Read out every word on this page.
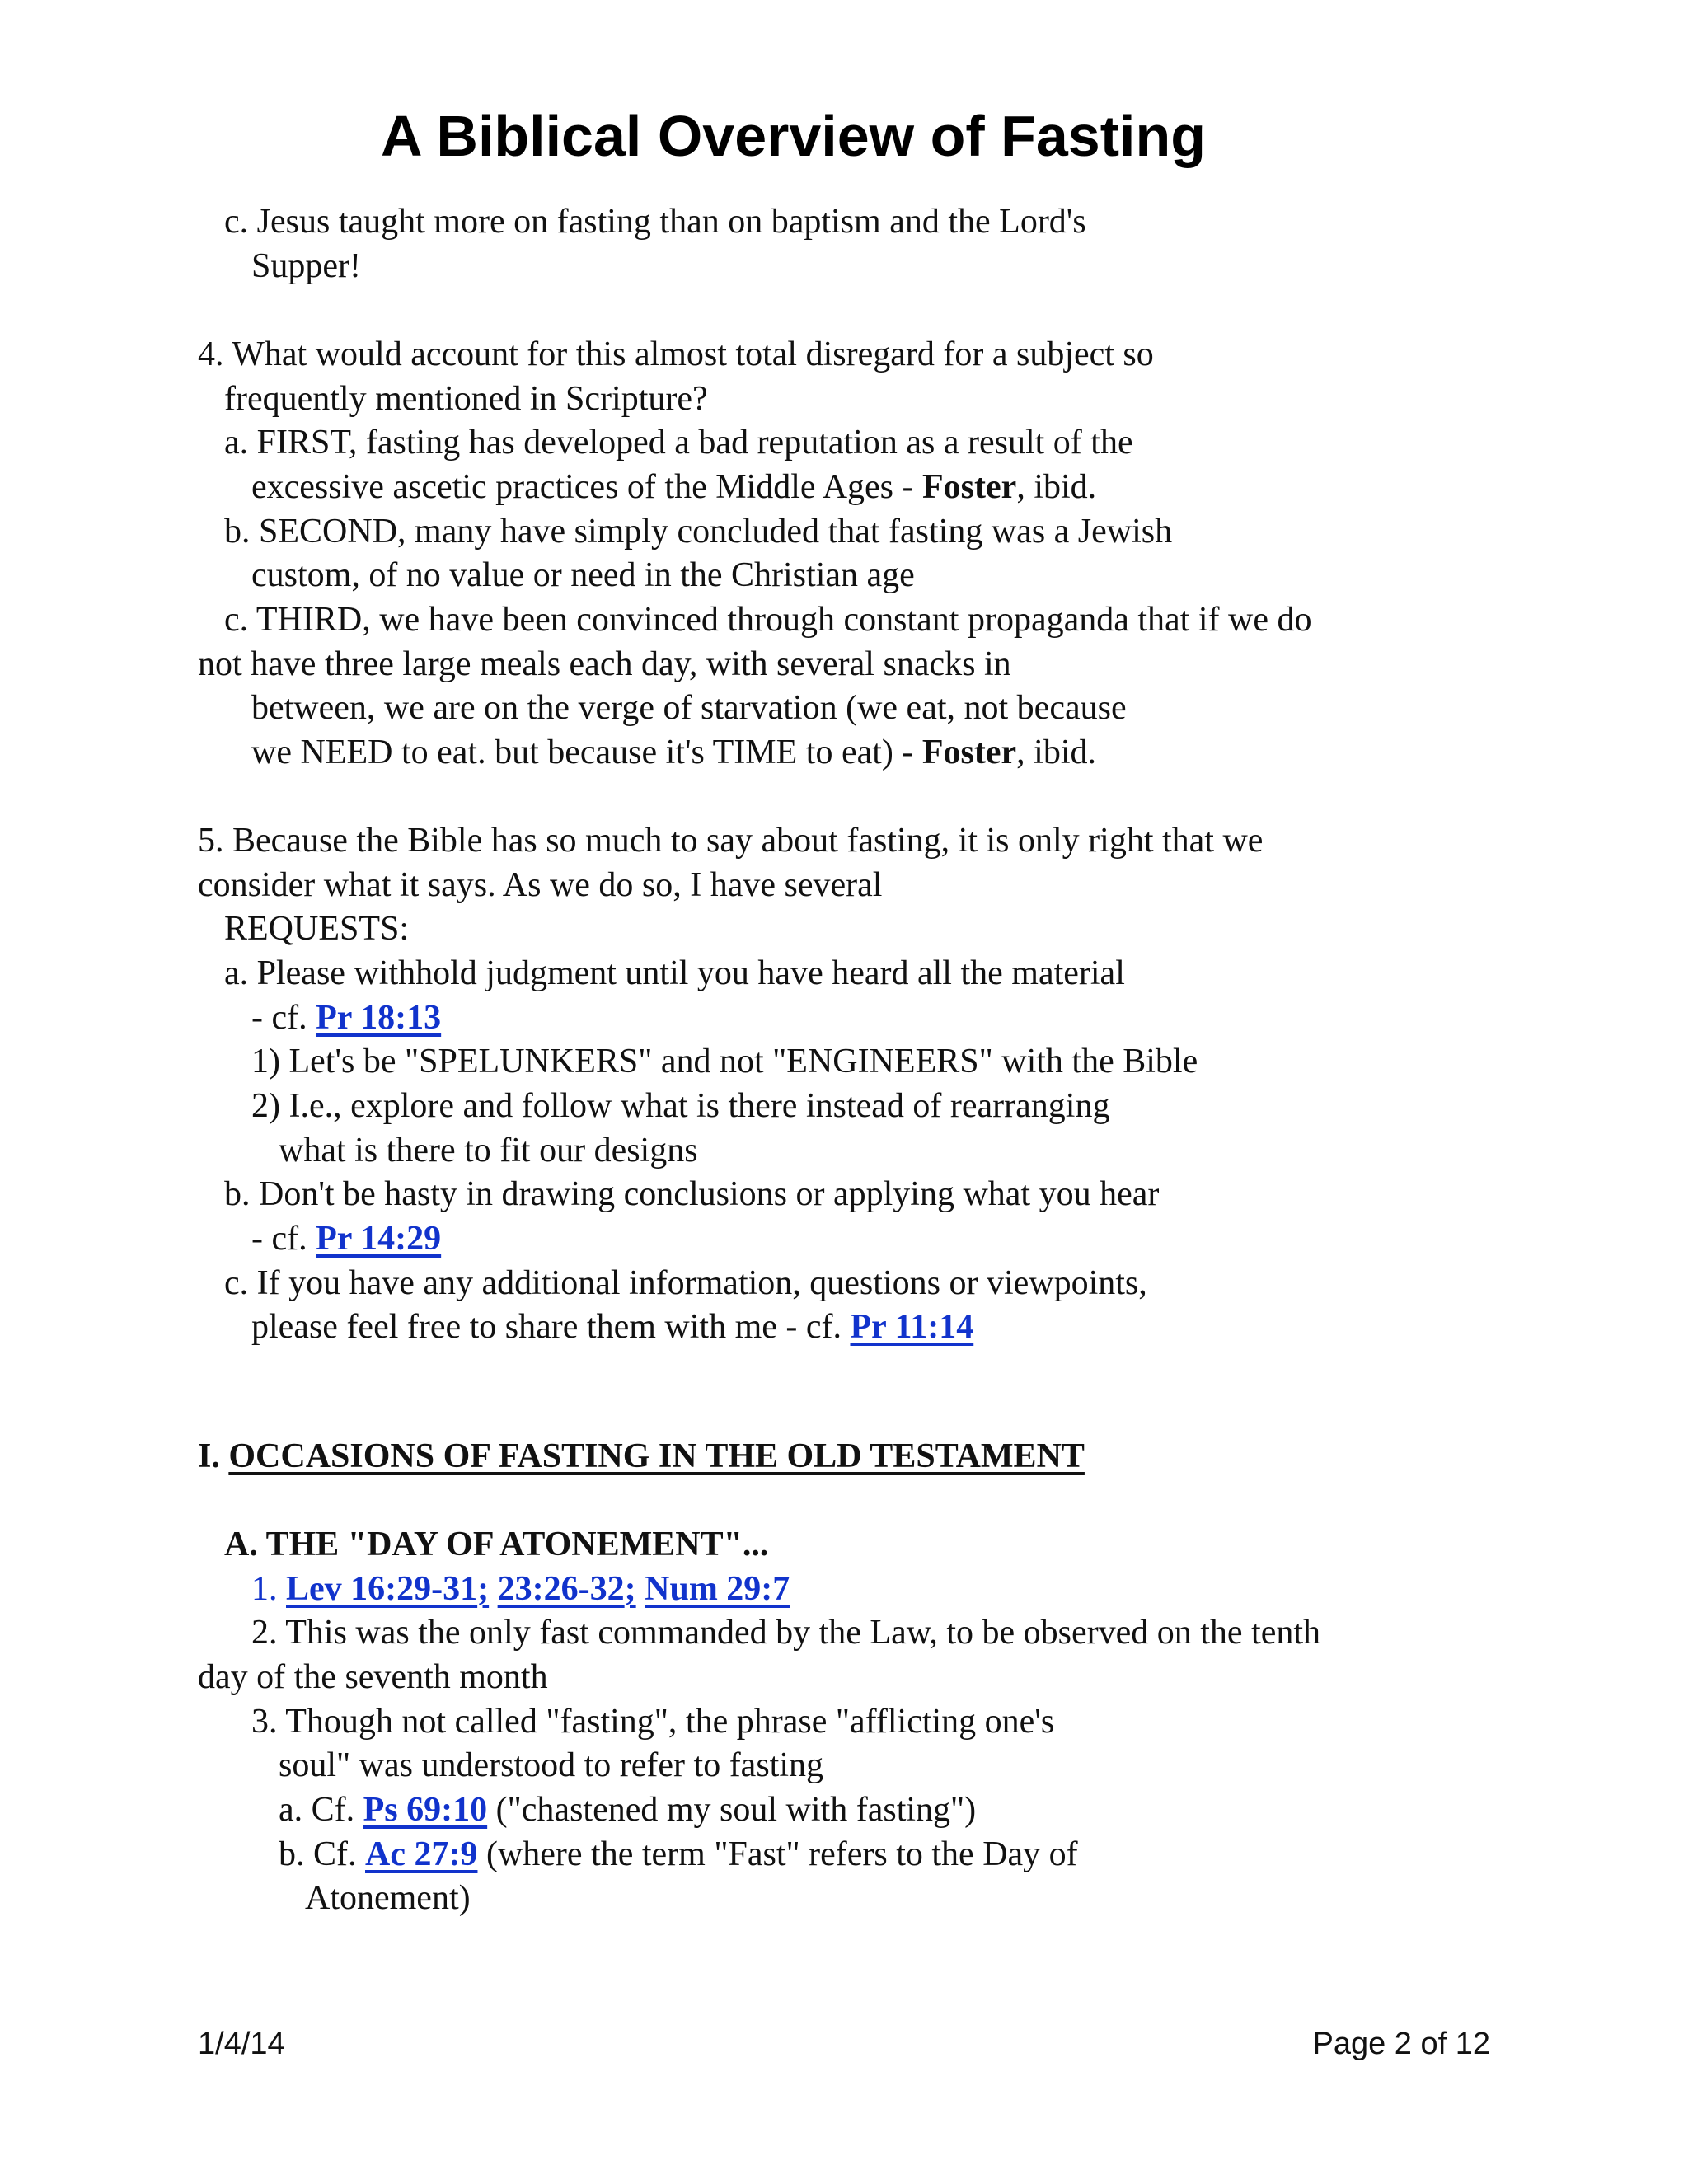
A Biblical Overview of Fasting
c. Jesus taught more on fasting than on baptism and the Lord's
Supper!
4. What would account for this almost total disregard for a subject so
frequently mentioned in Scripture?
a. FIRST, fasting has developed a bad reputation as a result of the
excessive ascetic practices of the Middle Ages - Foster, ibid.
b. SECOND, many have simply concluded that fasting was a Jewish
custom, of no value or need in the Christian age
c. THIRD, we have been convinced through constant propaganda that if we do
not have three large meals each day, with several snacks in
between, we are on the verge of starvation (we eat, not because
we NEED to eat. but because it's TIME to eat) - Foster, ibid.
5. Because the Bible has so much to say about fasting, it is only right that we
consider what it says. As we do so, I have several
REQUESTS:
a. Please withhold judgment until you have heard all the material
- cf. Pr 18:13
1) Let's be "SPELUNKERS" and not "ENGINEERS" with the Bible
2) I.e., explore and follow what is there instead of rearranging
what is there to fit our designs
b. Don't be hasty in drawing conclusions or applying what you hear
- cf. Pr 14:29
c. If you have any additional information, questions or viewpoints,
please feel free to share them with me - cf. Pr 11:14
I. OCCASIONS OF FASTING IN THE OLD TESTAMENT
A. THE "DAY OF ATONEMENT"...
1. Lev 16:29-31; 23:26-32; Num 29:7
2. This was the only fast commanded by the Law, to be observed on the tenth
day of the seventh month
3. Though not called "fasting", the phrase "afflicting one's
soul" was understood to refer to fasting
a. Cf. Ps 69:10 ("chastened my soul with fasting")
b. Cf. Ac 27:9 (where the term "Fast" refers to the Day of
Atonement)
1/4/14	Page 2 of 12
